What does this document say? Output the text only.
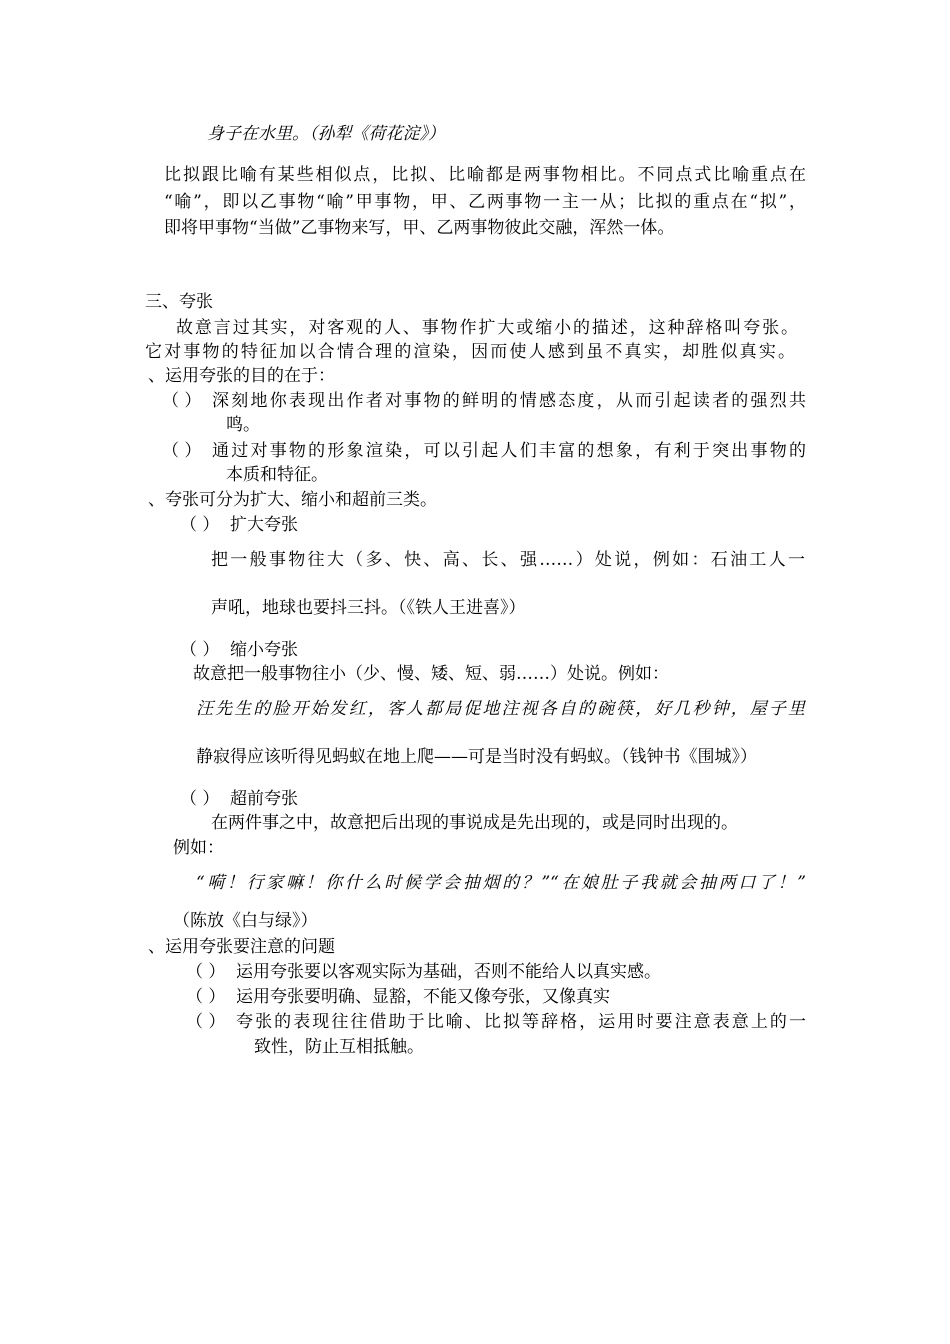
身子在水里。（孙犁《荷花淀》）
比拟跟比喻有某些相似点，比拟、比喻都是两事物相比。不同点式比喻重点在
“喻”，即以乙事物“喻”甲事物，甲、乙两事物一主一从；比拟的重点在“拟”，
即将甲事物“当做”乙事物来写，甲、乙两事物彼此交融，浑然一体。
三、夸张
故意言过其实，对客观的人、事物作扩大或缩小的描述，这种辞格叫夸张。
它对事物的特征加以合情合理的渲染，因而使人感到虽不真实，却胜似真实。
、运用夸张的目的在于：
（ ） 深刻地你表现出作者对事物的鲜明的情感态度，从而引起读者的强烈共
鸣。
（ ） 通过对事物的形象渲染，可以引起人们丰富的想象，有利于突出事物的
本质和特征。
、夸张可分为扩大、缩小和超前三类。
（ ） 扩大夸张
把一般事物往大（多、快、高、长、强……）处说，例如：石油工人一
声吼，地球也要抖三抖。（《铁人王进喜》）
（ ） 缩小夸张
故意把一般事物往小（少、慢、矮、短、弱……）处说。例如：
汪先生的脸开始发红，客人都局促地注视各自的碗筷，好几秒钟，屋子里
静寂得应该听得见蚂蚁在地上爬——可是当时没有蚂蚁。（钱钟书《围城》）
（ ） 超前夸张
在两件事之中，故意把后出现的事说成是先出现的，或是同时出现的。
例如：
“嗬！行家嘛！你什么时候学会抽烟的？”“在娘肚子我就会抽两口了！”
（陈放《白与绿》）
、运用夸张要注意的问题
（ ） 运用夸张要以客观实际为基础，否则不能给人以真实感。
（ ） 运用夸张要明确、显豁，不能又像夸张，又像真实
（ ） 夸张的表现往往借助于比喻、比拟等辞格，运用时要注意表意上的一
致性，防止互相抵触。
